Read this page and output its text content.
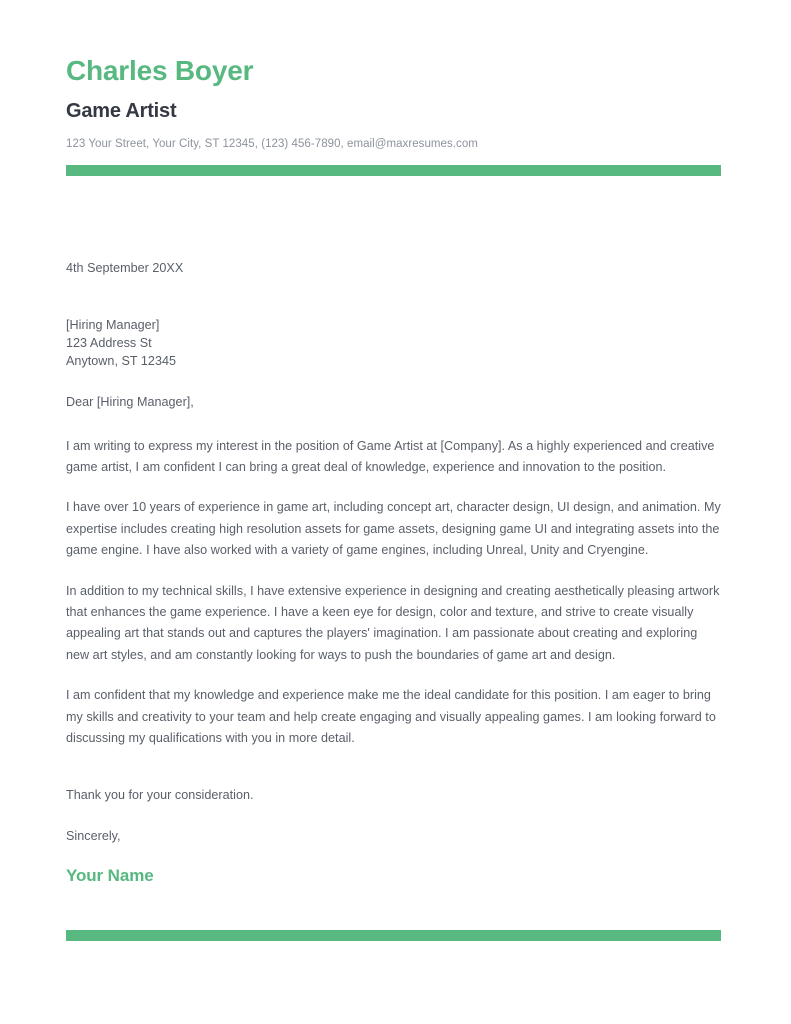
Charles Boyer
Game Artist

123 Your Street, Your City, ST 12345, (123) 456-7890, email@maxresumes.com

4th September 20XX

[Hiring Manager]
123 Address St
Anytown, ST 12345

Dear [Hiring Manager],

I am writing to express my interest in the position of Game Artist at [Company]. As a highly experienced and creative game artist, I am confident I can bring a great deal of knowledge, experience and innovation to the position.

I have over 10 years of experience in game art, including concept art, character design, UI design, and animation. My expertise includes creating high resolution assets for game assets, designing game UI and integrating assets into the game engine. I have also worked with a variety of game engines, including Unreal, Unity and Cryengine.

In addition to my technical skills, I have extensive experience in designing and creating aesthetically pleasing artwork that enhances the game experience. I have a keen eye for design, color and texture, and strive to create visually appealing art that stands out and captures the players' imagination. I am passionate about creating and exploring new art styles, and am constantly looking for ways to push the boundaries of game art and design.

I am confident that my knowledge and experience make me the ideal candidate for this position. I am eager to bring my skills and creativity to your team and help create engaging and visually appealing games. I am looking forward to discussing my qualifications with you in more detail.

Thank you for your consideration.

Sincerely,

Your Name
